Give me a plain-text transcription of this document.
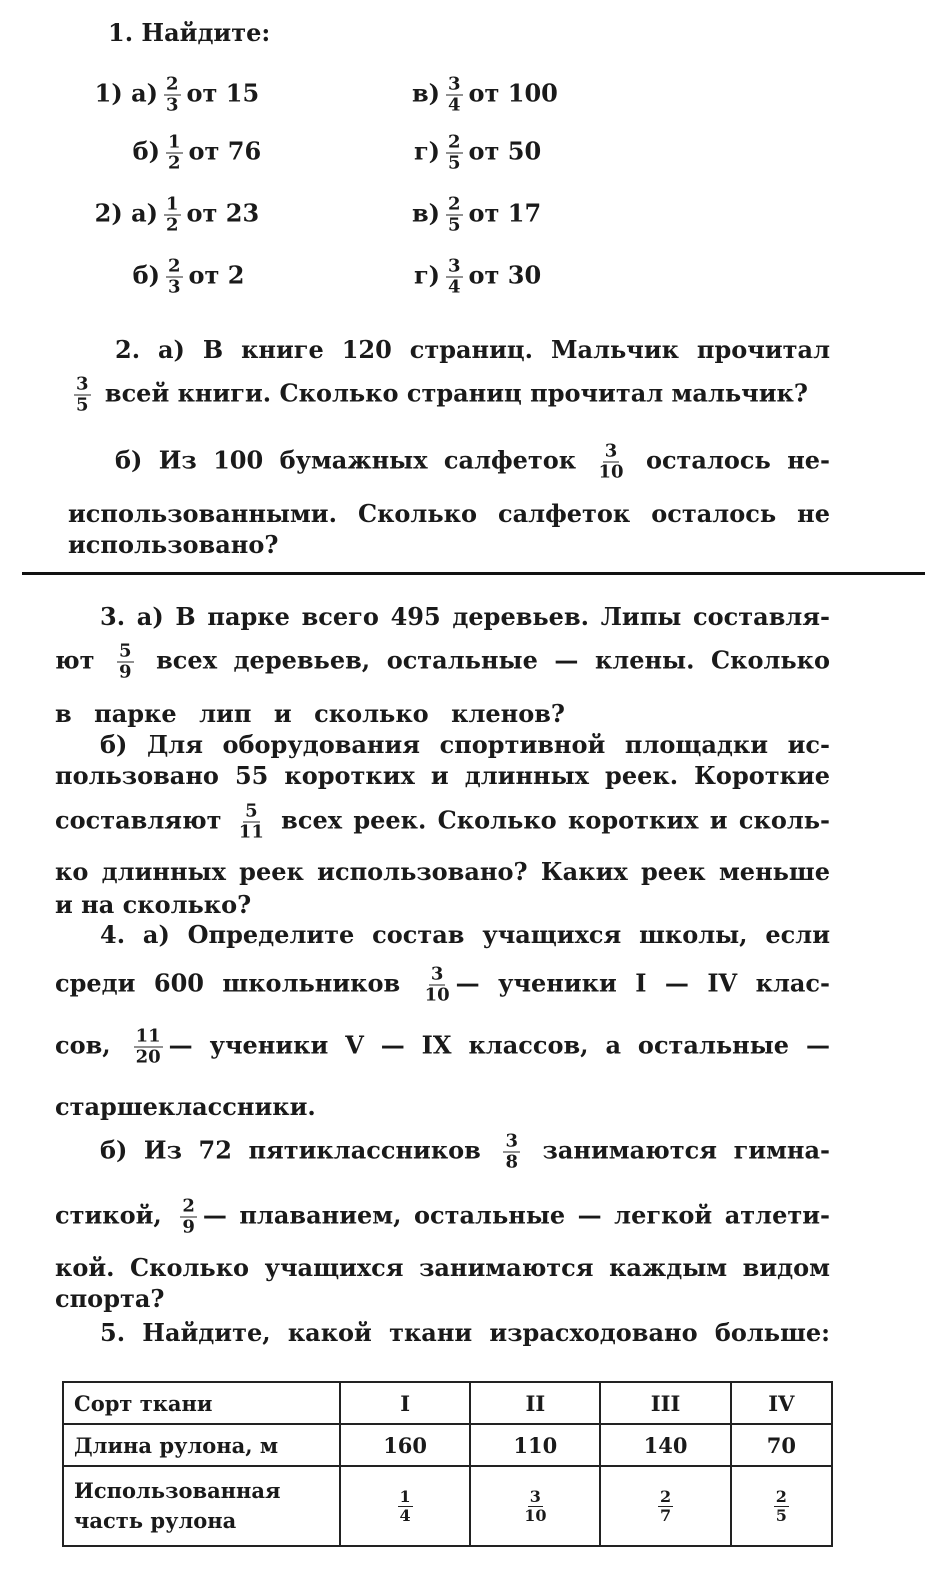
1. Найдите:
1) $а) \frac{2}{3}$ от 15	$в) \frac{3}{4}$ от 100
$б) \frac{1}{2}$ от 76	$г) \frac{2}{5}$ от 50
2) $а) \frac{1}{2}$ от 23	$в) \frac{2}{5}$ от 17
$б) \frac{2}{3}$ от 2	$г) \frac{3}{4}$ от 30
2. а) В книге 120 страниц. Мальчик прочитал
$\frac{3}{5}$ всей книги. Сколько страниц прочитал мальчик?
б) Из 100 бумажных салфеток $\frac{3}{10}$ осталось не-
использованными. Сколько салфеток осталось не
использовано?
3. а) В парке всего 495 деревьев. Липы составля-
ют $\frac{5}{9}$ всех деревьев, остальные — клены. Сколько
в парке лип и сколько кленов?
б) Для оборудования спортивной площадки ис-
пользовано 55 коротких и длинных реек. Короткие
составляют $\frac{5}{11}$ всех реек. Сколько коротких и сколь-
ко длинных реек использовано? Каких реек меньше
и на сколько?
4. а) Определите состав учащихся школы, если
среди 600 школьников $\frac{3}{10}$ — ученики I — IV клас-
сов, $\frac{11}{20}$ — ученики V — IX классов, а остальные —
старшеклассники.
б) Из 72 пятиклассников $\frac{3}{8}$ занимаются гимна-
стикой, $\frac{2}{9}$ — плаванием, остальные — легкой атлети-
кой. Сколько учащихся занимаются каждым видом
спорта?
5. Найдите, какой ткани израсходовано больше:
Сорт ткани	I	II	III	IV
Длина рулона, м	160	110	140	70
Использованная часть рулона	$\frac{1}{4}$	$\frac{3}{10}$	$\frac{2}{7}$	$\frac{2}{5}$
